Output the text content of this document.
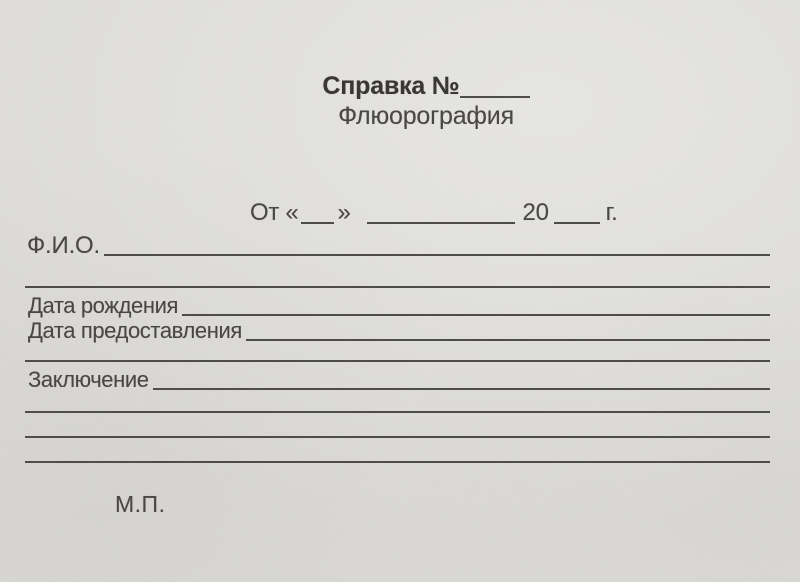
Справка №
Флюорография
От « »	20 г.
Ф.И.О.
Дата рождения
Дата предоставления
Заключение
М.П.
